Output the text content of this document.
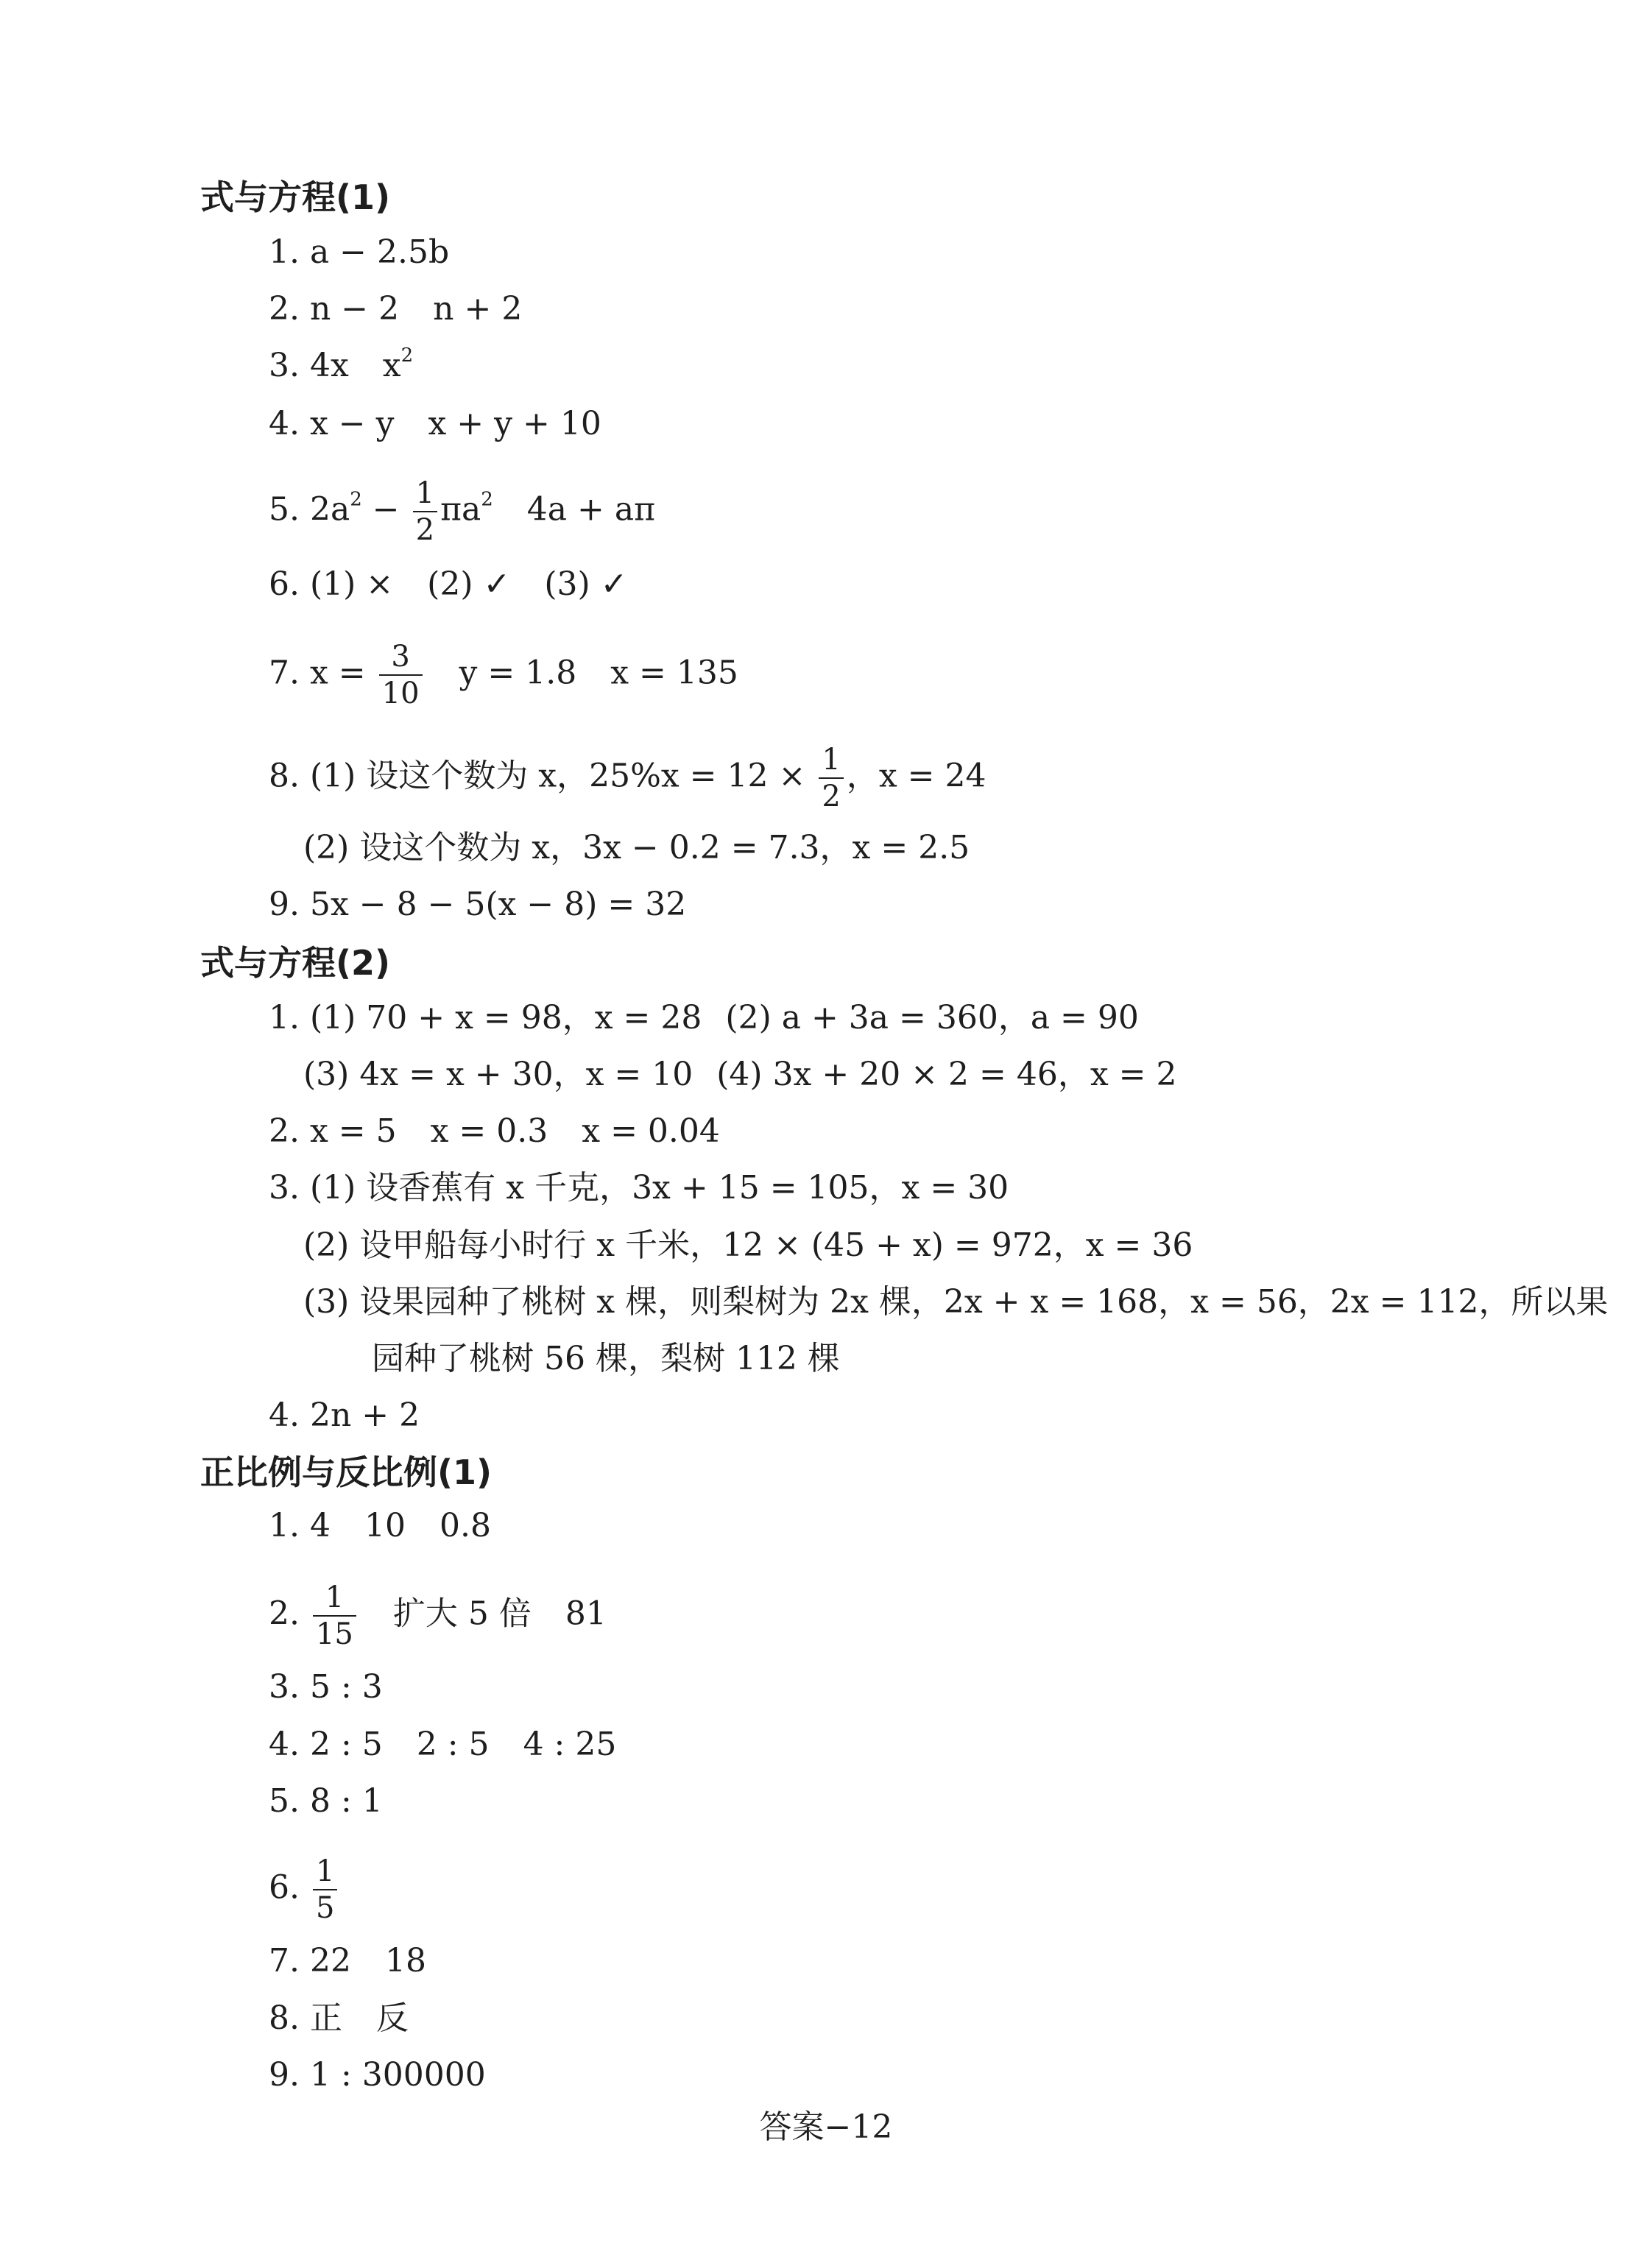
式与方程(1)
1. a − 2.5b
2. n − 2 n + 2
3. 4x $x^2$
4. x − y x + y + 10
5. $2a^2 - \frac{1}{2} \pi a^2$ 4a + aπ
6. (1) × (2) ✓ (3) ✓
7. $x = \frac{3}{10}$ y = 1.8 x = 135
8. (1) 设这个数为 x，$25\%x = 12 \times \frac{1}{2}$ ，x = 24
(2) 设这个数为 x，3x − 0.2 = 7.3，x = 2.5
9. 5x − 8 − 5(x − 8) = 32
式与方程(2)
1. (1) 70 + x = 98，x = 28 (2) a + 3a = 360，a = 90
(3) 4x = x + 30，x = 10 (4) 3x + 20 × 2 = 46，x = 2
2. x = 5 x = 0.3 x = 0.04
3. (1) 设香蕉有 x 千克，3x + 15 = 105，x = 30
(2) 设甲船每小时行 x 千米，12 × (45 + x) = 972，x = 36
(3) 设果园种了桃树 x 棵，则梨树为 2x 棵，2x + x = 168，x = 56，2x = 112，所以果
园种了桃树 56 棵，梨树 112 棵
4. 2n + 2
正比例与反比例(1)
1. 4 10 0.8
2. $\frac{1}{15}$ 扩大 5 倍 81
3. 5 : 3
4. 2 : 5 2 : 5 4 : 25
5. 8 : 1
6. $\frac{1}{5}$
7. 22 18
8. 正 反
9. 1 : 300000
答案−12
